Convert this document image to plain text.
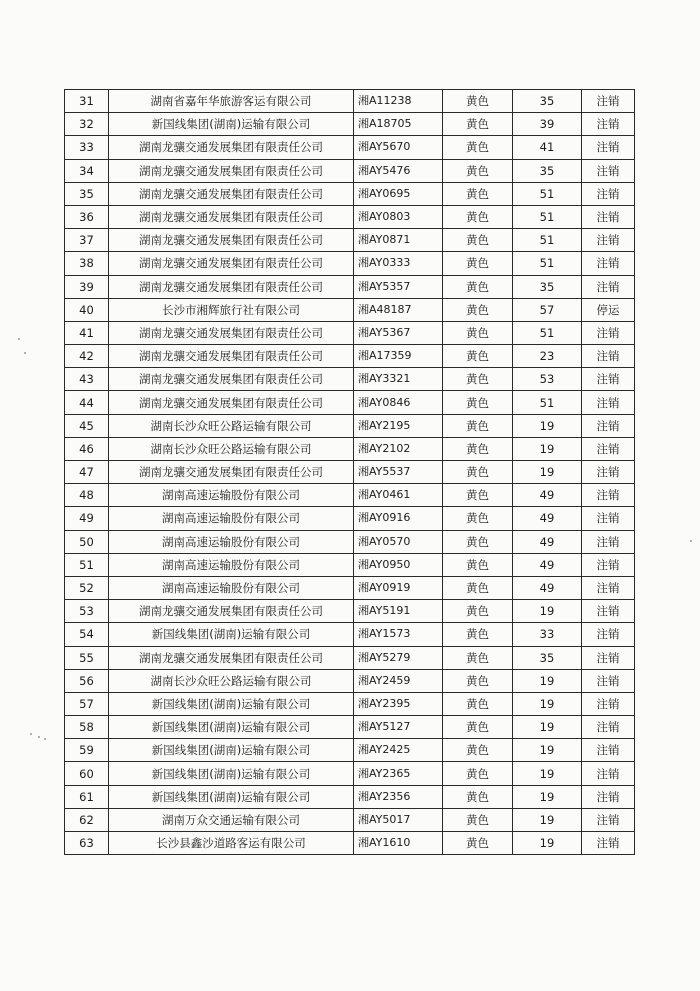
31	湖南省嘉年华旅游客运有限公司	湘A11238	黄色	35	注销
32	新国线集团(湖南)运输有限公司	湘A18705	黄色	39	注销
33	湖南龙骧交通发展集团有限责任公司	湘AY5670	黄色	41	注销
34	湖南龙骧交通发展集团有限责任公司	湘AY5476	黄色	35	注销
35	湖南龙骧交通发展集团有限责任公司	湘AY0695	黄色	51	注销
36	湖南龙骧交通发展集团有限责任公司	湘AY0803	黄色	51	注销
37	湖南龙骧交通发展集团有限责任公司	湘AY0871	黄色	51	注销
38	湖南龙骧交通发展集团有限责任公司	湘AY0333	黄色	51	注销
39	湖南龙骧交通发展集团有限责任公司	湘AY5357	黄色	35	注销
40	长沙市湘辉旅行社有限公司	湘A48187	黄色	57	停运
41	湖南龙骧交通发展集团有限责任公司	湘AY5367	黄色	51	注销
42	湖南龙骧交通发展集团有限责任公司	湘A17359	黄色	23	注销
43	湖南龙骧交通发展集团有限责任公司	湘AY3321	黄色	53	注销
44	湖南龙骧交通发展集团有限责任公司	湘AY0846	黄色	51	注销
45	湖南长沙众旺公路运输有限公司	湘AY2195	黄色	19	注销
46	湖南长沙众旺公路运输有限公司	湘AY2102	黄色	19	注销
47	湖南龙骧交通发展集团有限责任公司	湘AY5537	黄色	19	注销
48	湖南高速运输股份有限公司	湘AY0461	黄色	49	注销
49	湖南高速运输股份有限公司	湘AY0916	黄色	49	注销
50	湖南高速运输股份有限公司	湘AY0570	黄色	49	注销
51	湖南高速运输股份有限公司	湘AY0950	黄色	49	注销
52	湖南高速运输股份有限公司	湘AY0919	黄色	49	注销
53	湖南龙骧交通发展集团有限责任公司	湘AY5191	黄色	19	注销
54	新国线集团(湖南)运输有限公司	湘AY1573	黄色	33	注销
55	湖南龙骧交通发展集团有限责任公司	湘AY5279	黄色	35	注销
56	湖南长沙众旺公路运输有限公司	湘AY2459	黄色	19	注销
57	新国线集团(湖南)运输有限公司	湘AY2395	黄色	19	注销
58	新国线集团(湖南)运输有限公司	湘AY5127	黄色	19	注销
59	新国线集团(湖南)运输有限公司	湘AY2425	黄色	19	注销
60	新国线集团(湖南)运输有限公司	湘AY2365	黄色	19	注销
61	新国线集团(湖南)运输有限公司	湘AY2356	黄色	19	注销
62	湖南万众交通运输有限公司	湘AY5017	黄色	19	注销
63	长沙县鑫沙道路客运有限公司	湘AY1610	黄色	19	注销
